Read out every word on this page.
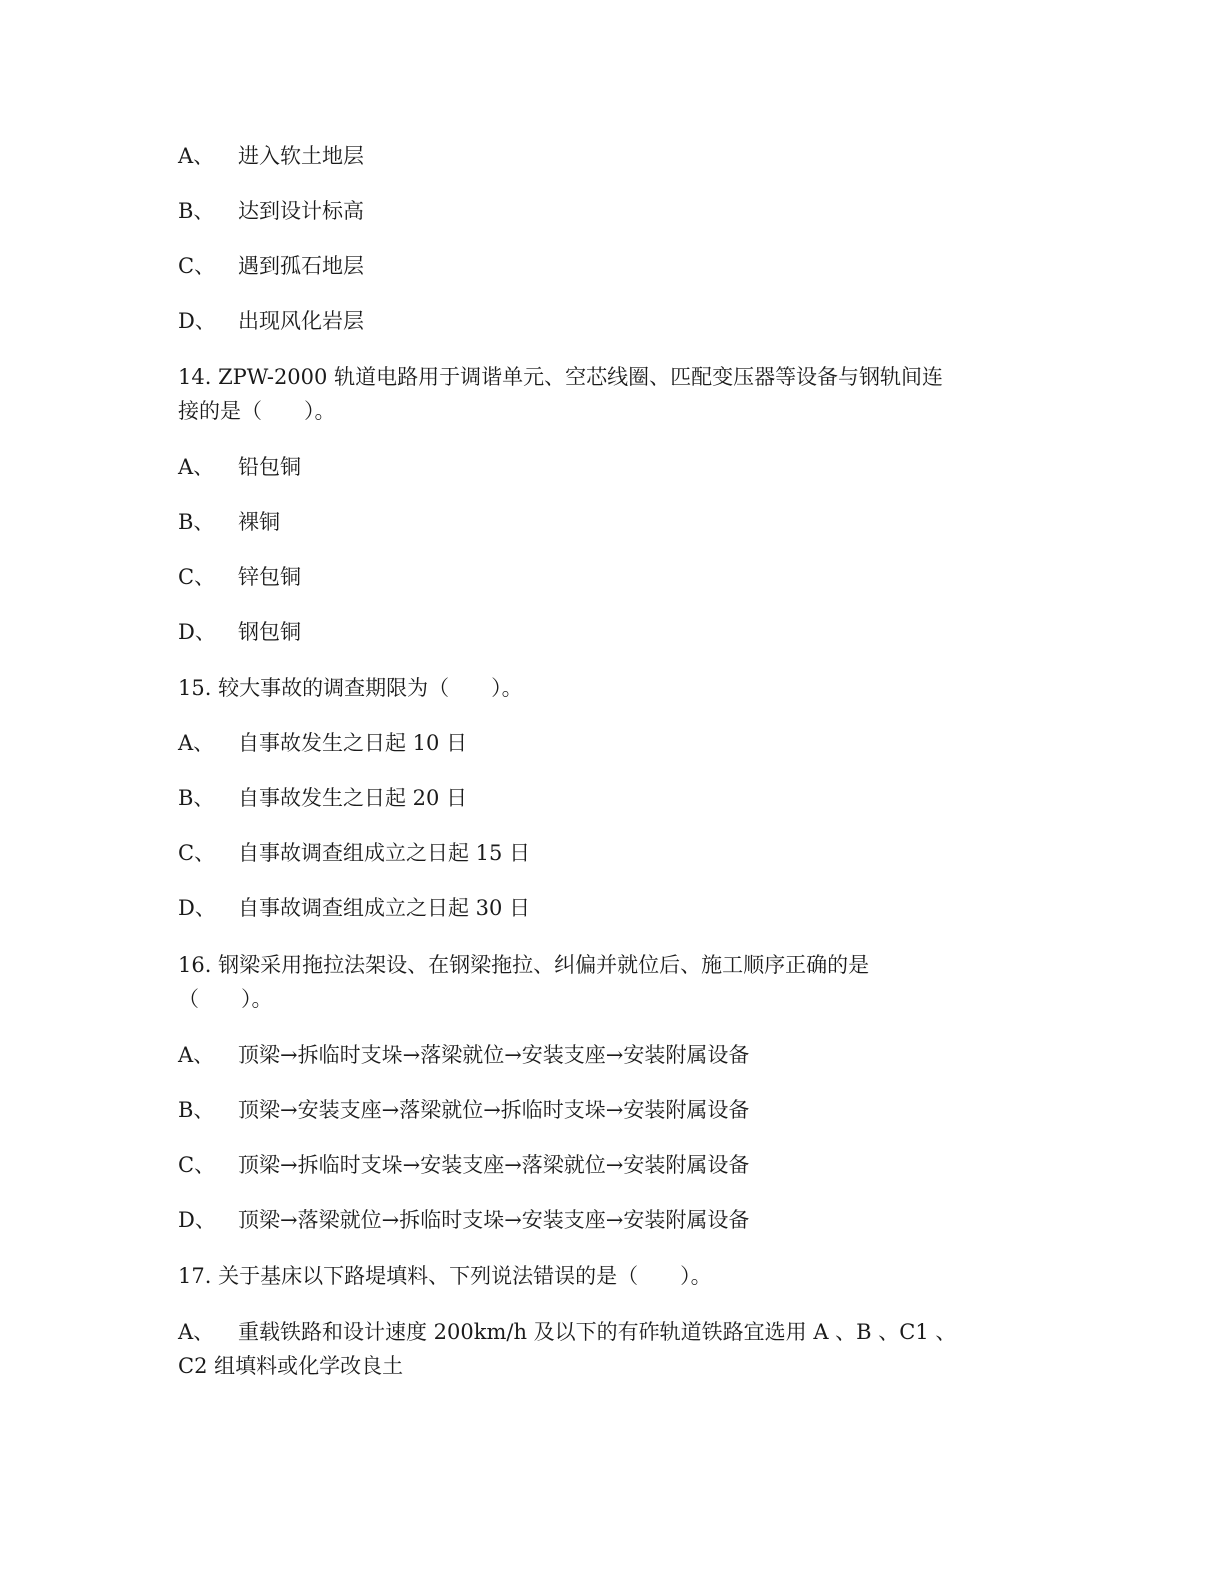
A、 进入软土地层
B、 达到设计标高
C、 遇到孤石地层
D、 出现风化岩层
14. ZPW-2000 轨道电路用于调谐单元、空芯线圈、匹配变压器等设备与钢轨间连
接的是（　　）。
A、 铅包铜
B、 裸铜
C、 锌包铜
D、 钢包铜
15. 较大事故的调查期限为（　　）。
A、 自事故发生之日起 10 日
B、 自事故发生之日起 20 日
C、 自事故调查组成立之日起 15 日
D、 自事故调查组成立之日起 30 日
16. 钢梁采用拖拉法架设、在钢梁拖拉、纠偏并就位后、施工顺序正确的是
（　　）。
A、 顶梁→拆临时支垛→落梁就位→安装支座→安装附属设备
B、 顶梁→安装支座→落梁就位→拆临时支垛→安装附属设备
C、 顶梁→拆临时支垛→安装支座→落梁就位→安装附属设备
D、 顶梁→落梁就位→拆临时支垛→安装支座→安装附属设备
17. 关于基床以下路堤填料、下列说法错误的是（　　）。
A、 重载铁路和设计速度 200km/h 及以下的有砟轨道铁路宜选用 A 、B 、C1 、
C2 组填料或化学改良土
